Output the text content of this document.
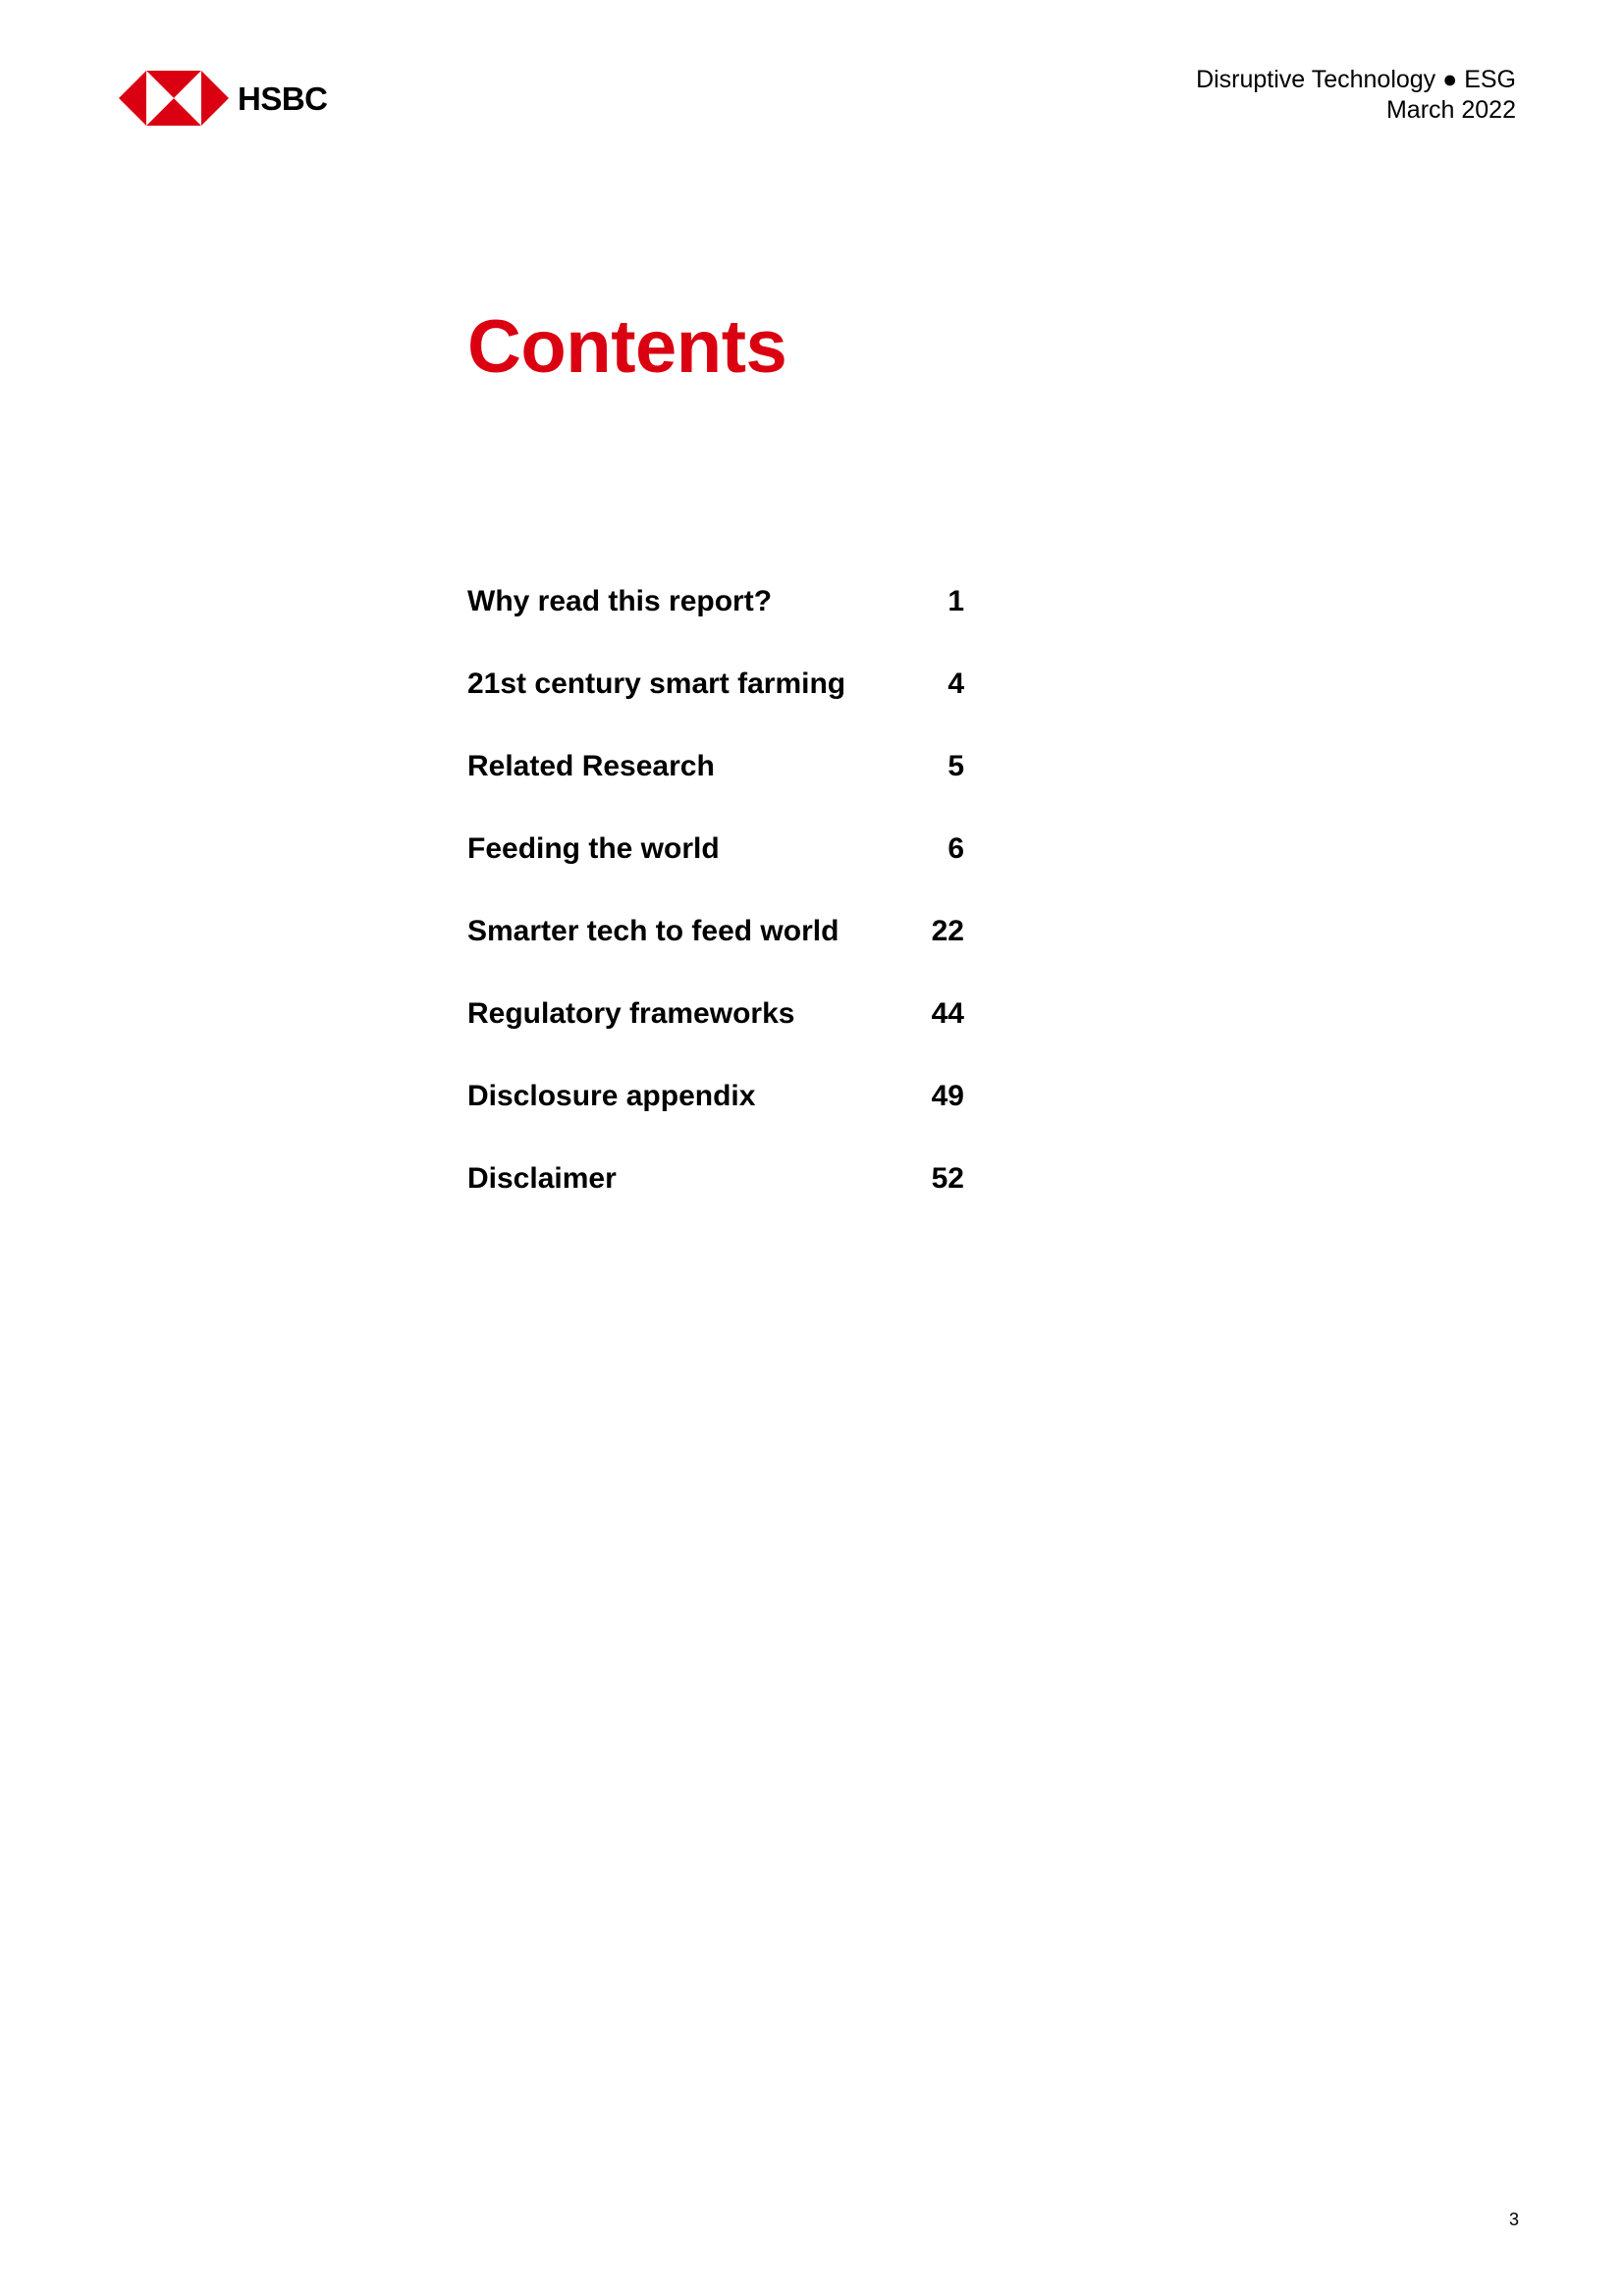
HSBC
Disruptive Technology ● ESG
March 2022
Contents
Why read this report?	1
21st century smart farming	4
Related Research	5
Feeding the world	6
Smarter tech to feed world	22
Regulatory frameworks	44
Disclosure appendix	49
Disclaimer	52
3
